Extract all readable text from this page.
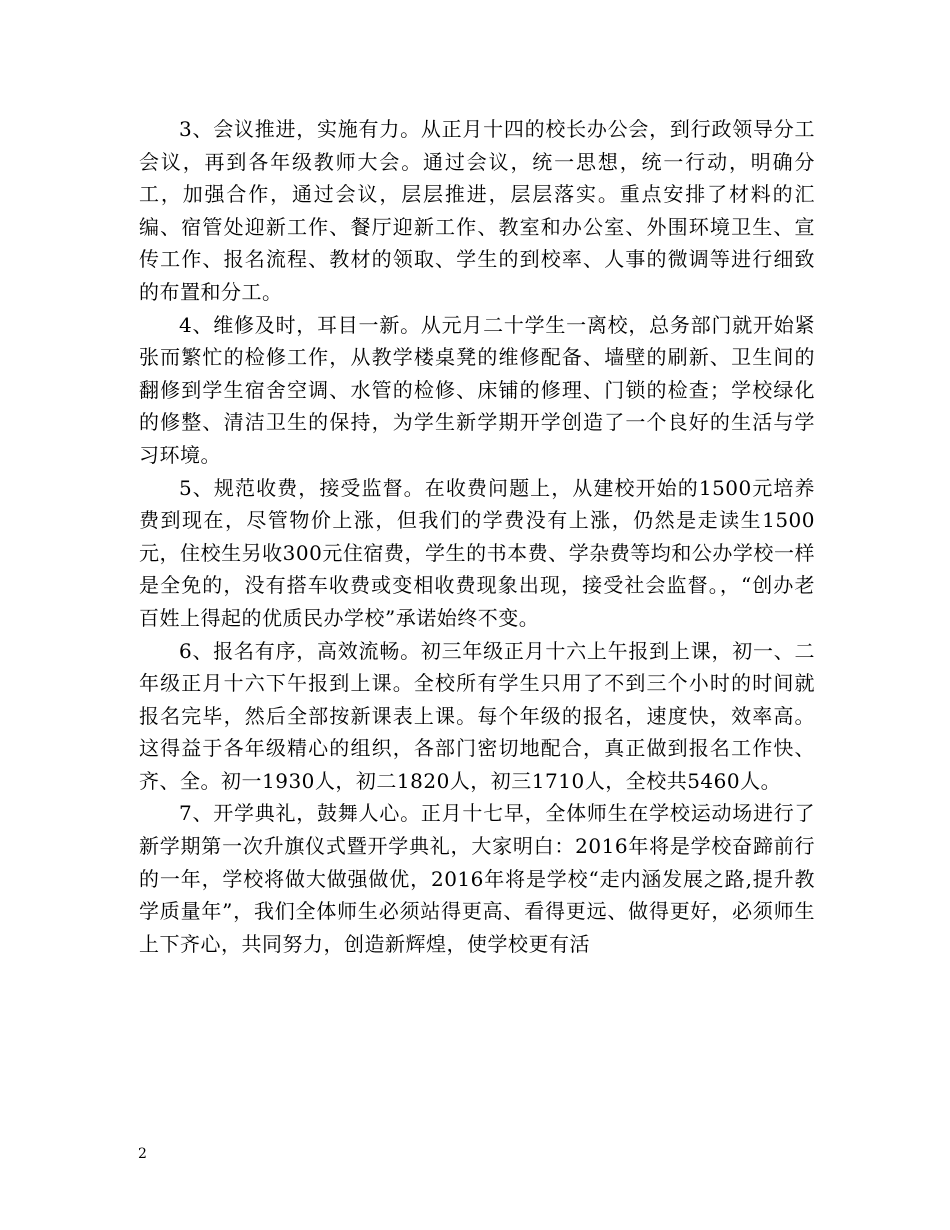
3、会议推进，实施有力。从正月十四的校长办公会，到行政领导分工会议，再到各年级教师大会。通过会议，统一思想，统一行动，明确分工，加强合作，通过会议，层层推进，层层落实。重点安排了材料的汇编、宿管处迎新工作、餐厅迎新工作、教室和办公室、外围环境卫生、宣传工作、报名流程、教材的领取、学生的到校率、人事的微调等进行细致的布置和分工。

4、维修及时，耳目一新。从元月二十学生一离校，总务部门就开始紧张而繁忙的检修工作，从教学楼桌凳的维修配备、墙壁的刷新、卫生间的翻修到学生宿舍空调、水管的检修、床铺的修理、门锁的检查；学校绿化的修整、清洁卫生的保持，为学生新学期开学创造了一个良好的生活与学习环境。

5、规范收费，接受监督。在收费问题上，从建校开始的1500元培养费到现在，尽管物价上涨，但我们的学费没有上涨，仍然是走读生1500元，住校生另收300元住宿费，学生的书本费、学杂费等均和公办学校一样是全免的，没有搭车收费或变相收费现象出现，接受社会监督。，“创办老百姓上得起的优质民办学校”承诺始终不变。

6、报名有序，高效流畅。初三年级正月十六上午报到上课，初一、二年级正月十六下午报到上课。全校所有学生只用了不到三个小时的时间就报名完毕，然后全部按新课表上课。每个年级的报名，速度快，效率高。这得益于各年级精心的组织，各部门密切地配合，真正做到报名工作快、齐、全。初一1930人，初二1820人，初三1710人，全校共5460人。

7、开学典礼，鼓舞人心。正月十七早，全体师生在学校运动场进行了新学期第一次升旗仪式暨开学典礼，大家明白：2016年将是学校奋蹄前行的一年，学校将做大做强做优，2016年将是学校“走内涵发展之路,提升教学质量年”，我们全体师生必须站得更高、看得更远、做得更好，必须师生上下齐心，共同努力，创造新辉煌，使学校更有活

2
